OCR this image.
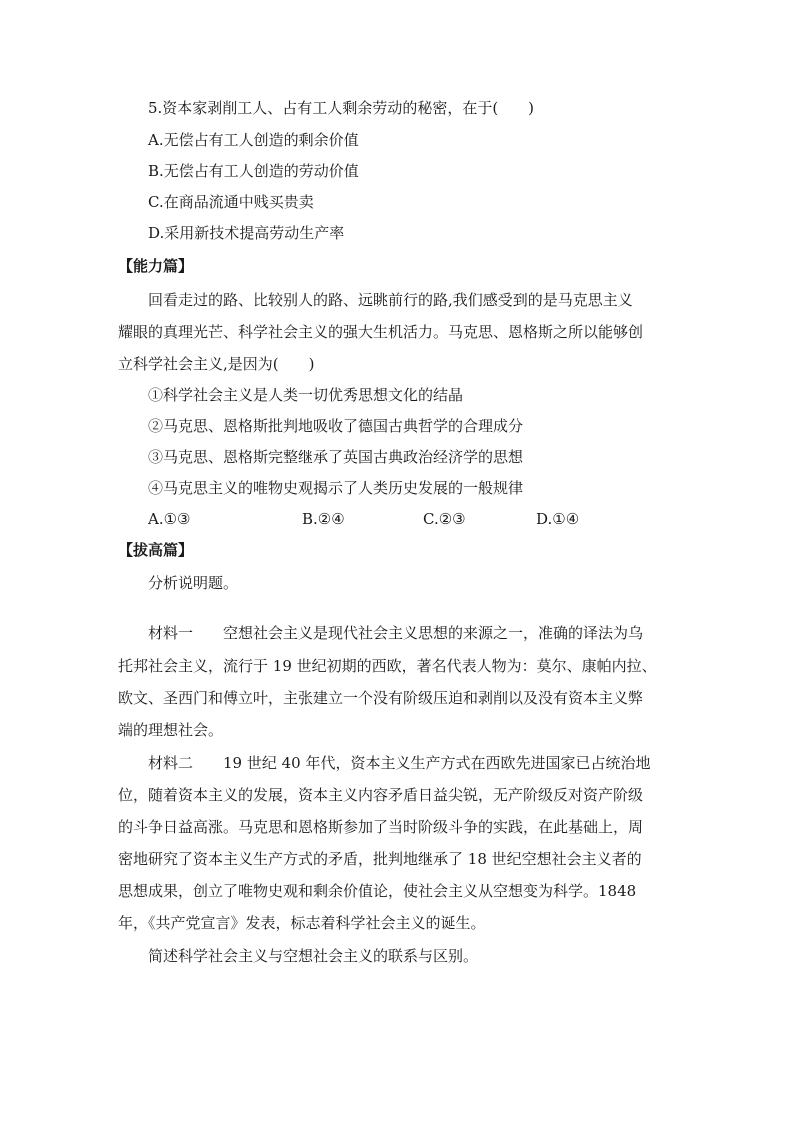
5.资本家剥削工人、占有工人剩余劳动的秘密，在于(　　)
A.无偿占有工人创造的剩余价值
B.无偿占有工人创造的劳动价值
C.在商品流通中贱买贵卖
D.采用新技术提高劳动生产率
【能力篇】
回看走过的路、比较别人的路、远眺前行的路,我们感受到的是马克思主义
耀眼的真理光芒、科学社会主义的强大生机活力。马克思、恩格斯之所以能够创
立科学社会主义,是因为(　　)
①科学社会主义是人类一切优秀思想文化的结晶
②马克思、恩格斯批判地吸收了德国古典哲学的合理成分
③马克思、恩格斯完整继承了英国古典政治经济学的思想
④马克思主义的唯物史观揭示了人类历史发展的一般规律
A.①③	B.②④	C.②③	D.①④
【拔高篇】
分析说明题。
材料一　　空想社会主义是现代社会主义思想的来源之一，准确的译法为乌
托邦社会主义，流行于 19 世纪初期的西欧，著名代表人物为：莫尔、康帕内拉、
欧文、圣西门和傅立叶，主张建立一个没有阶级压迫和剥削以及没有资本主义弊
端的理想社会。
材料二　　19 世纪 40 年代，资本主义生产方式在西欧先进国家已占统治地
位，随着资本主义的发展，资本主义内容矛盾日益尖锐，无产阶级反对资产阶级
的斗争日益高涨。马克思和恩格斯参加了当时阶级斗争的实践，在此基础上，周
密地研究了资本主义生产方式的矛盾，批判地继承了 18 世纪空想社会主义者的
思想成果，创立了唯物史观和剩余价值论，使社会主义从空想变为科学。1848
年，《共产党宣言》发表，标志着科学社会主义的诞生。
简述科学社会主义与空想社会主义的联系与区别。
